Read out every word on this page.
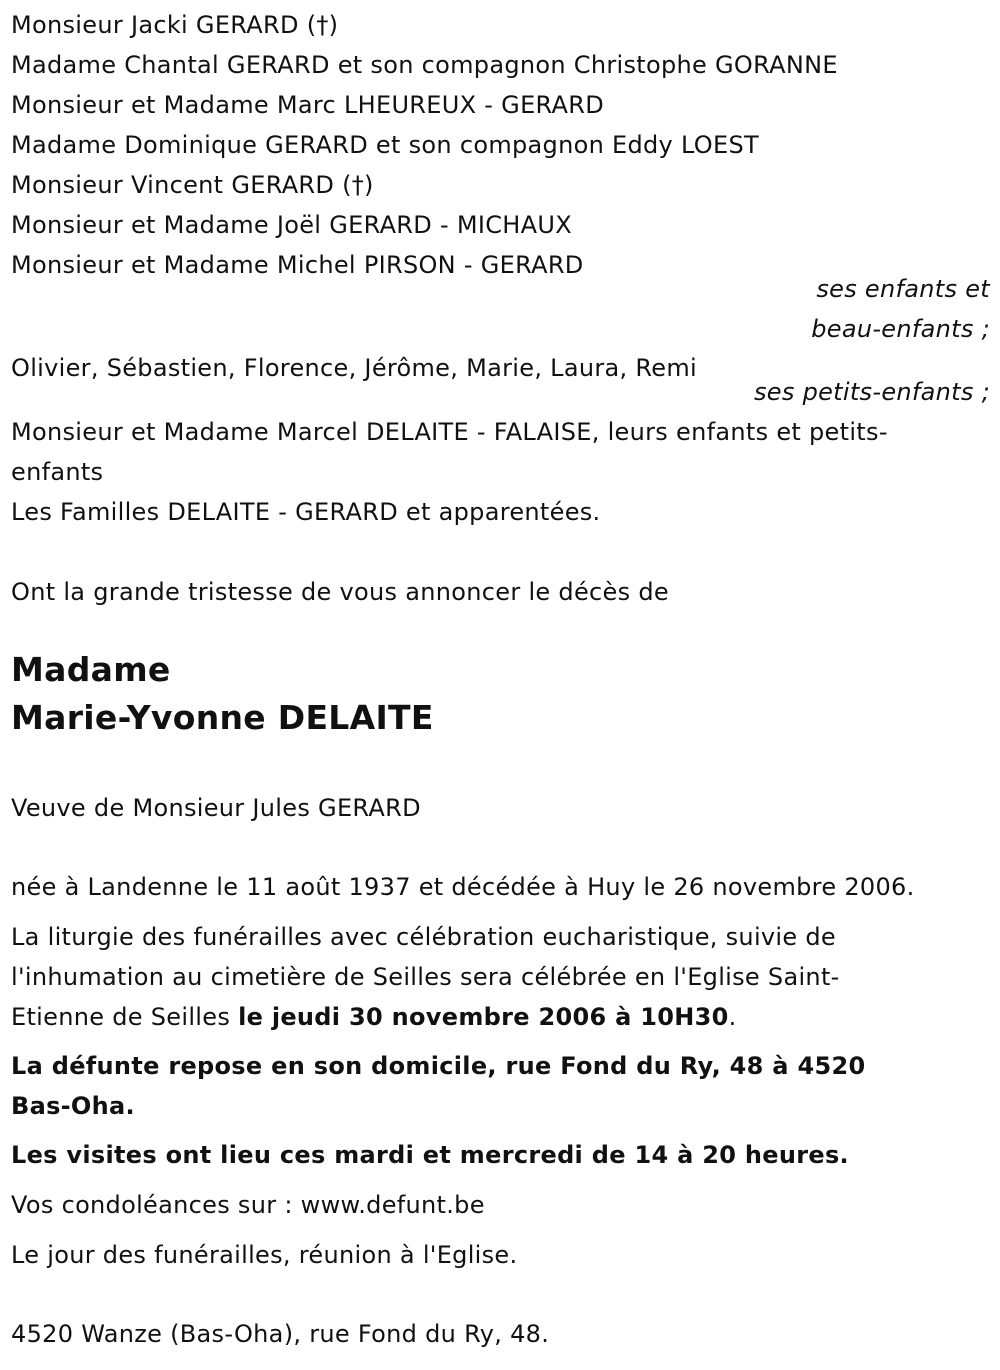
Monsieur Jacki GERARD (†)
Madame Chantal GERARD et son compagnon Christophe GORANNE
Monsieur et Madame Marc LHEUREUX - GERARD
Madame Dominique GERARD et son compagnon Eddy LOEST
Monsieur Vincent GERARD (†)
Monsieur et Madame Joël GERARD - MICHAUX
Monsieur et Madame Michel PIRSON - GERARD
ses enfants et
beau-enfants ;
Olivier, Sébastien, Florence, Jérôme, Marie, Laura, Remi
ses petits-enfants ;
Monsieur et Madame Marcel DELAITE - FALAISE, leurs enfants et petits-
enfants
Les Familles DELAITE - GERARD et apparentées.
Ont la grande tristesse de vous annoncer le décès de
Madame
Marie-Yvonne DELAITE
Veuve de Monsieur Jules GERARD
née à Landenne le 11 août 1937 et décédée à Huy le 26 novembre 2006.
La liturgie des funérailles avec célébration eucharistique, suivie de
l'inhumation au cimetière de Seilles sera célébrée en l'Eglise Saint-
Etienne de Seilles le jeudi 30 novembre 2006 à 10H30.
La défunte repose en son domicile, rue Fond du Ry, 48 à 4520
Bas-Oha.
Les visites ont lieu ces mardi et mercredi de 14 à 20 heures.
Vos condoléances sur : www.defunt.be
Le jour des funérailles, réunion à l'Eglise.
4520 Wanze (Bas-Oha), rue Fond du Ry, 48.
